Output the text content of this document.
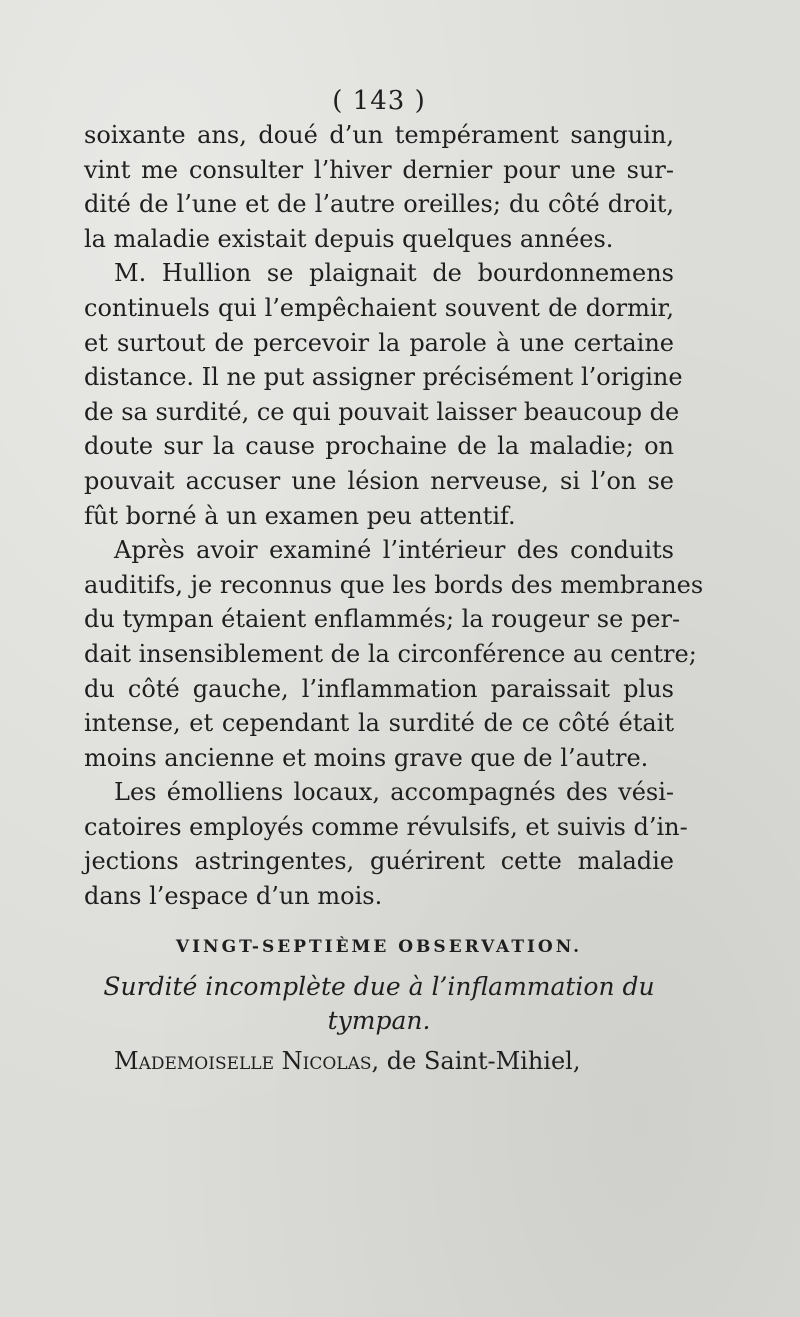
( 143 )
soixante ans, doué d’un tempérament sanguin,
vint me consulter l’hiver dernier pour une sur-
dité de l’une et de l’autre oreilles; du côté droit,
la maladie existait depuis quelques années.
M. Hullion se plaignait de bourdonnemens
continuels qui l’empêchaient souvent de dormir,
et surtout de percevoir la parole à une certaine
distance. Il ne put assigner précisément l’origine
de sa surdité, ce qui pouvait laisser beaucoup de
doute sur la cause prochaine de la maladie; on
pouvait accuser une lésion nerveuse, si l’on se
fût borné à un examen peu attentif.
Après avoir examiné l’intérieur des conduits
auditifs, je reconnus que les bords des membranes
du tympan étaient enflammés; la rougeur se per-
dait insensiblement de la circonférence au centre;
du côté gauche, l’inflammation paraissait plus
intense, et cependant la surdité de ce côté était
moins ancienne et moins grave que de l’autre.
Les émolliens locaux, accompagnés des vési-
catoires employés comme révulsifs, et suivis d’in-
jections astringentes, guérirent cette maladie
dans l’espace d’un mois.
VINGT-SEPTIÈME OBSERVATION.
Surdité incomplète due à l’inflammation du
tympan.
Mademoiselle Nicolas, de Saint-Mihiel,
